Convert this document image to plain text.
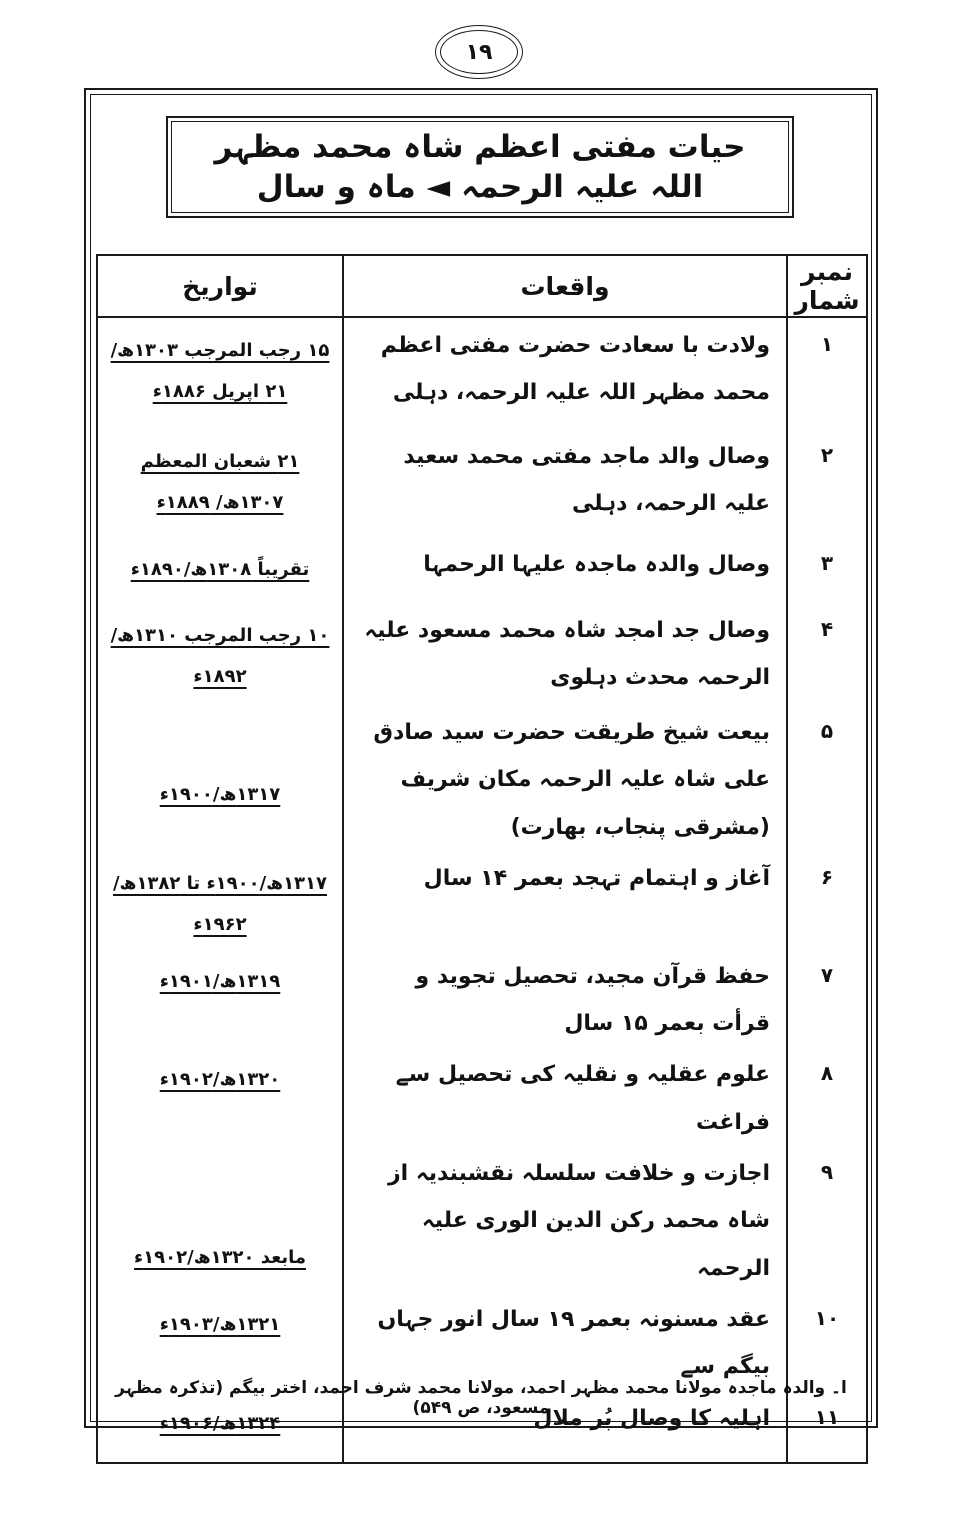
۱۹
حیات مفتی اعظم شاہ محمد مظہر اللہ علیہ الرحمہ ◄ ماہ و سال
نمبر شمار	واقعات	تواریخ
۱	ولادت با سعادت حضرت مفتی اعظم محمد مظہر اللہ علیہ الرحمہ، دہلی	۱۵ رجب المرجب ۱۳۰۳ھ/ ۲۱ اپریل ۱۸۸۶ء
۲	وصال والد ماجد مفتی محمد سعید علیہ الرحمہ، دہلی	۲۱ شعبان المعظم ۱۳۰۷ھ/ ۱۸۸۹ء
۳	وصال والدہ ماجدہ علیہا الرحمہا	تقریباً ۱۳۰۸ھ/۱۸۹۰ء
۴	وصال جد امجد شاہ محمد مسعود علیہ الرحمہ محدث دہلوی	۱۰ رجب المرجب ۱۳۱۰ھ/ ۱۸۹۲ء
۵	بیعت شیخ طریقت حضرت سید صادق علی شاہ علیہ الرحمہ مکان شریف (مشرقی پنجاب، بھارت)	۱۳۱۷ھ/۱۹۰۰ء
۶	آغاز و اہتمام تہجد بعمر ۱۴ سال	۱۳۱۷ھ/۱۹۰۰ء تا ۱۳۸۲ھ/ ۱۹۶۲ء
۷	حفظ قرآن مجید، تحصیل تجوید و قرأت بعمر ۱۵ سال	۱۳۱۹ھ/۱۹۰۱ء
۸	علوم عقلیہ و نقلیہ کی تحصیل سے فراغت	۱۳۲۰ھ/۱۹۰۲ء
۹	اجازت و خلافت سلسلہ نقشبندیہ از شاہ محمد رکن الدین الوری علیہ الرحمہ	مابعد ۱۳۲۰ھ/۱۹۰۲ء
۱۰	عقد مسنونہ بعمر ۱۹ سال انور جہاں بیگم سے	۱۳۲۱ھ/۱۹۰۳ء
۱۱	اہلیہ کا وصال پُر ملال	۱۳۲۴ھ/۱۹۰۶ء

ا۔ والدہ ماجدہ مولانا محمد مظہر احمد، مولانا محمد شرف احمد، اختر بیگم (تذکرہ مظہر مسعود، ص ۵۴۹)
